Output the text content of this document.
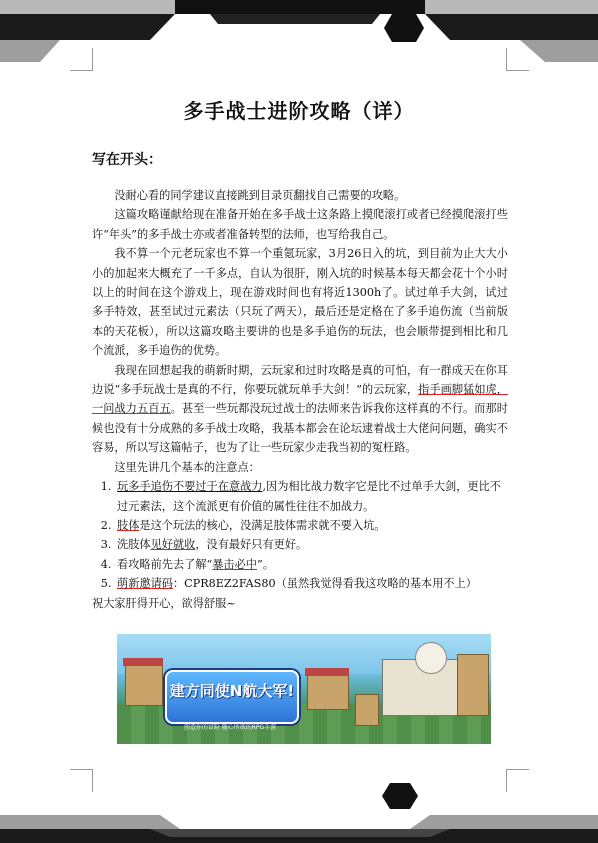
多手战士进阶攻略（详）
写在开头：

没耐心看的同学建议直接跳到目录页翻找自己需要的攻略。

这篇攻略谨献给现在准备开始在多手战士这条路上摸爬滚打或者已经摸爬滚打些许“年头”的多手战士亦或者准备转型的法师，也写给我自己。

我不算一个元老玩家也不算一个重氪玩家，3月26日入的坑，到目前为止大大小小的加起来大概充了一千多点，自认为很肝，刚入坑的时候基本每天都会花十个小时以上的时间在这个游戏上，现在游戏时间也有将近1300h了。试过单手大剑，试过多手特效，甚至试过元素法（只玩了两天），最后还是定格在了多手追伤流（当前版本的天花板），所以这篇攻略主要讲的也是多手追伤的玩法，也会顺带提到相比和几个流派，多手追伤的优势。

我现在回想起我的萌新时期，云玩家和过时攻略是真的可怕，有一群成天在你耳边说“多手玩战士是真的不行，你要玩就玩单手大剑！”的云玩家，指手画脚猛如虎，一问战力五百五。甚至一些玩都没玩过战士的法师来告诉我你这样真的不行。而那时候也没有十分成熟的多手战士攻略，我基本都会在论坛逮着战士大佬问问题，确实不容易，所以写这篇帖子，也为了让一些玩家少走我当初的冤枉路。

这里先讲几个基本的注意点：

1. 玩多手追伤不要过于在意战力,因为相比战力数字它是比不过单手大剑，更比不过元素法，这个流派更有价值的属性往往不加战力。
2. 肢体是这个玩法的核心，没满足肢体需求就不要入坑。
3. 洗肢体见好就收，没有最好只有更好。
4. 看攻略前先去了解“暴击必中”。
5. 萌新邀请码：CPR8EZ2FAS80（虽然我觉得看我这攻略的基本用不上）

祝大家肝得开心，欲得舒服~

建方同使N航大军!
创造你的冒险 随心所欲的RPG手游
